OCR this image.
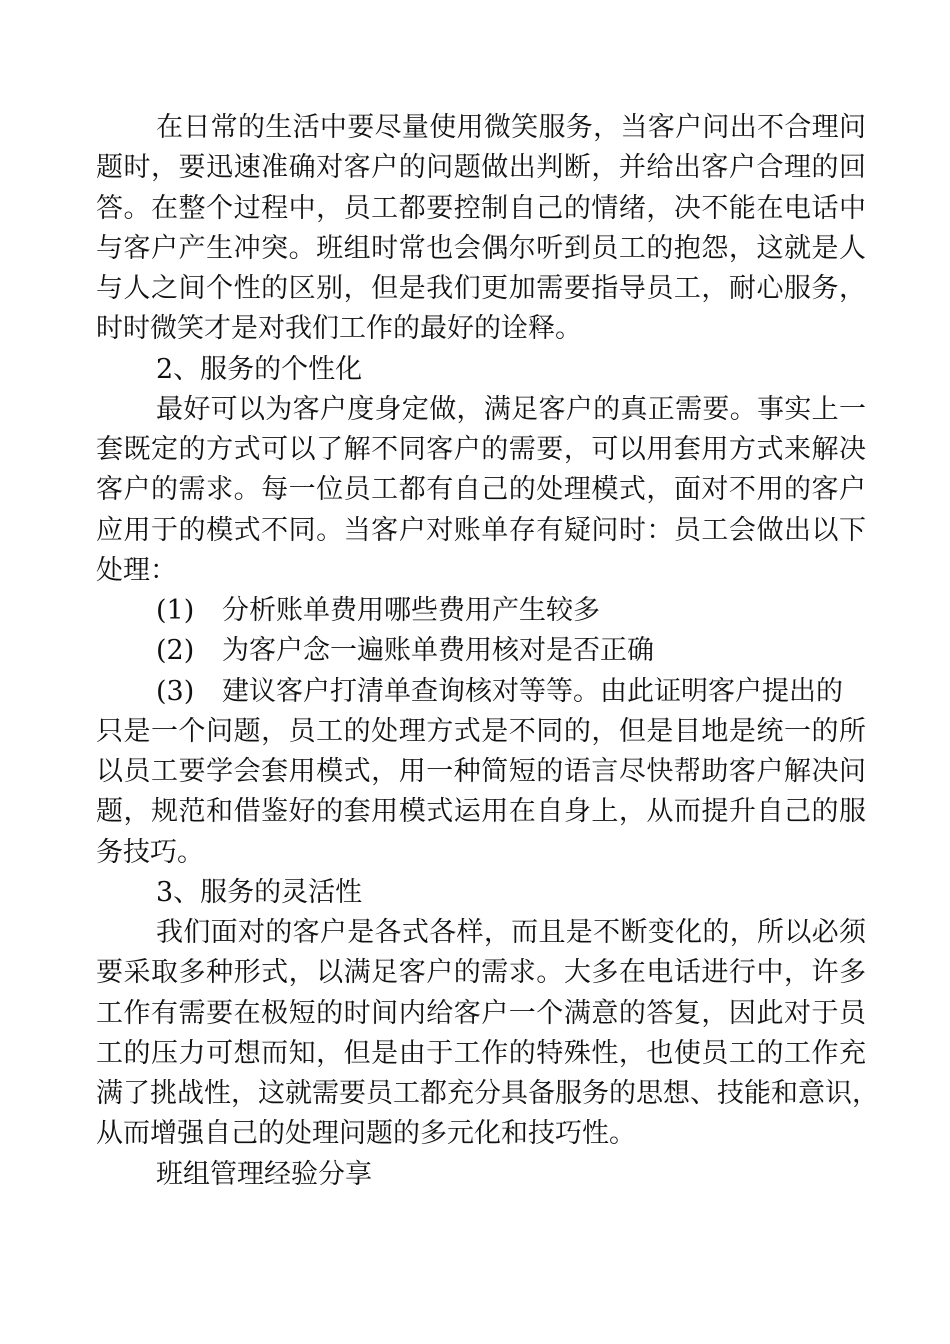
在日常的生活中要尽量使用微笑服务，当客户问出不合理问
题时，要迅速准确对客户的问题做出判断，并给出客户合理的回
答。在整个过程中，员工都要控制自己的情绪，决不能在电话中
与客户产生冲突。班组时常也会偶尔听到员工的抱怨，这就是人
与人之间个性的区别，但是我们更加需要指导员工，耐心服务，
时时微笑才是对我们工作的最好的诠释。
2、服务的个性化
最好可以为客户度身定做，满足客户的真正需要。事实上一
套既定的方式可以了解不同客户的需要，可以用套用方式来解决
客户的需求。每一位员工都有自己的处理模式，面对不用的客户
应用于的模式不同。当客户对账单存有疑问时：员工会做出以下
处理：
(1) 分析账单费用哪些费用产生较多
(2) 为客户念一遍账单费用核对是否正确
(3) 建议客户打清单查询核对等等。由此证明客户提出的
只是一个问题，员工的处理方式是不同的，但是目地是统一的所
以员工要学会套用模式，用一种简短的语言尽快帮助客户解决问
题，规范和借鉴好的套用模式运用在自身上，从而提升自己的服
务技巧。
3、服务的灵活性
我们面对的客户是各式各样，而且是不断变化的，所以必须
要采取多种形式，以满足客户的需求。大多在电话进行中，许多
工作有需要在极短的时间内给客户一个满意的答复，因此对于员
工的压力可想而知，但是由于工作的特殊性，也使员工的工作充
满了挑战性，这就需要员工都充分具备服务的思想、技能和意识，
从而增强自己的处理问题的多元化和技巧性。
班组管理经验分享
